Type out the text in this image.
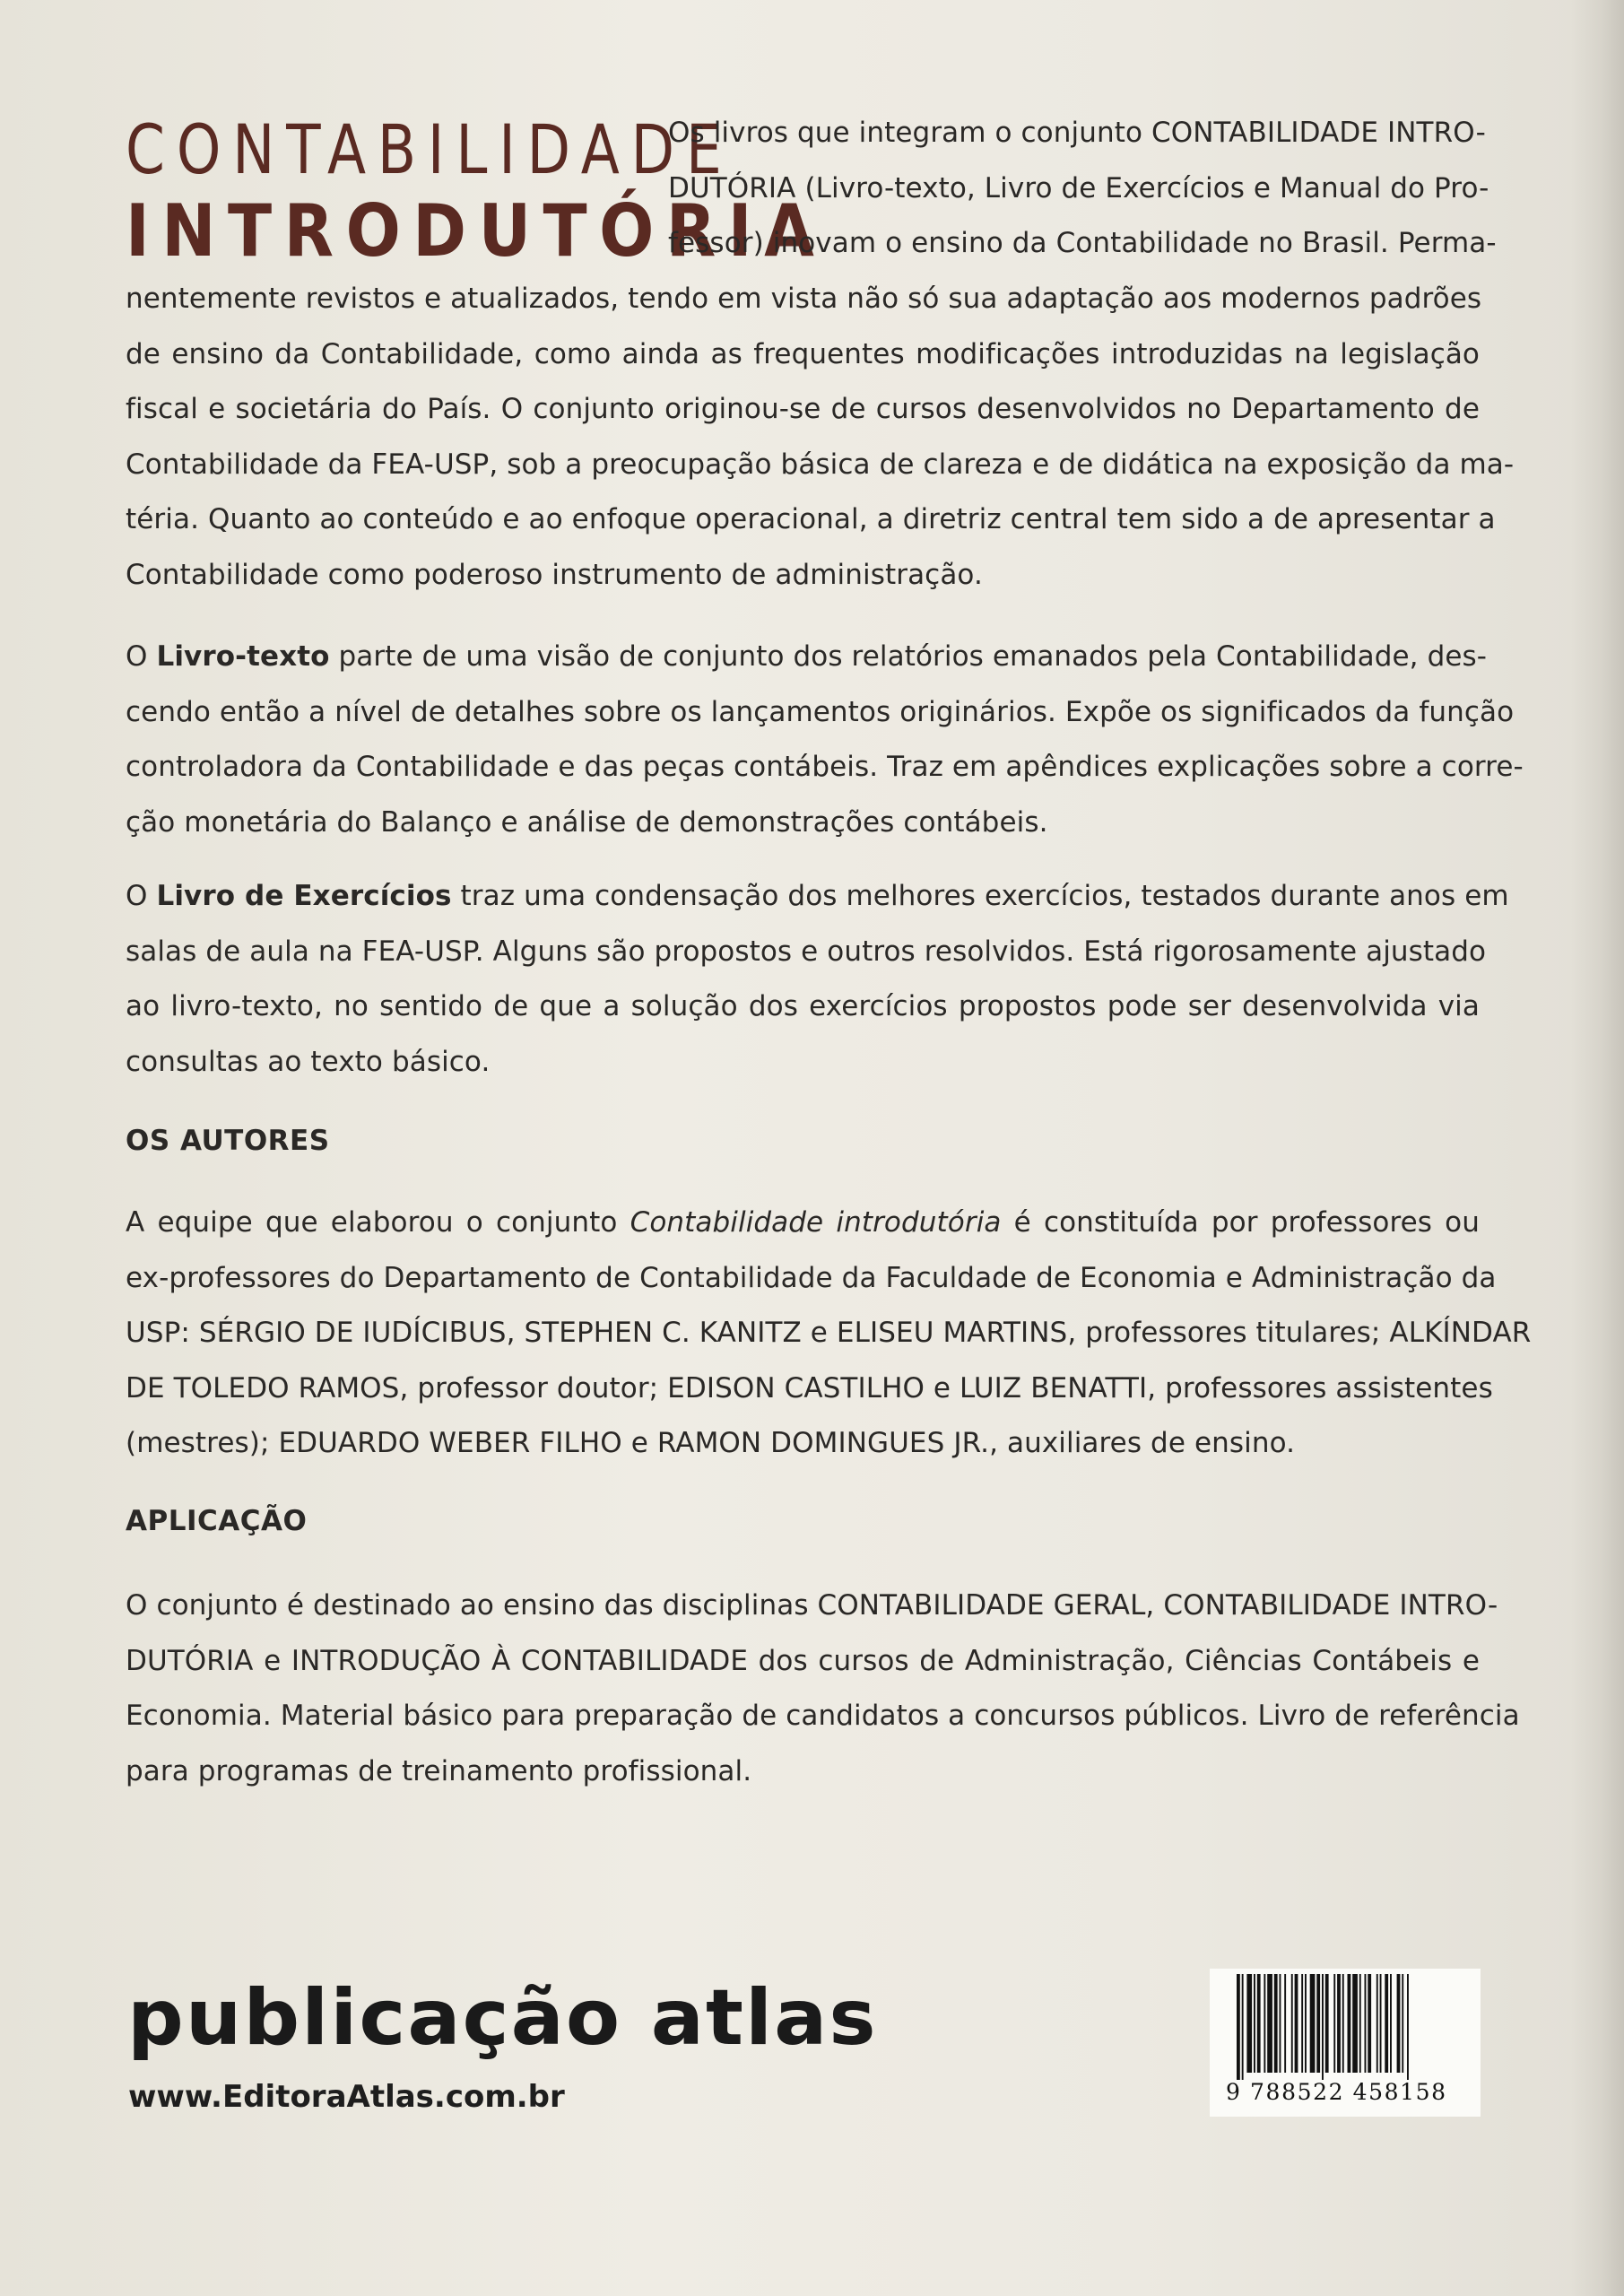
CONTABILIDADE
INTRODUTÓRIA
Os livros que integram o conjunto CONTABILIDADE INTRO-
DUTÓRIA (Livro-texto, Livro de Exercícios e Manual do Pro-
fessor) inovam o ensino da Contabilidade no Brasil. Perma-
nentemente revistos e atualizados, tendo em vista não só sua adaptação aos modernos padrões
de ensino da Contabilidade, como ainda as frequentes modificações introduzidas na legislação
fiscal e societária do País. O conjunto originou-se de cursos desenvolvidos no Departamento de
Contabilidade da FEA-USP, sob a preocupação básica de clareza e de didática na exposição da ma-
téria. Quanto ao conteúdo e ao enfoque operacional, a diretriz central tem sido a de apresentar a
Contabilidade como poderoso instrumento de administração.
O Livro-texto parte de uma visão de conjunto dos relatórios emanados pela Contabilidade, des-
cendo então a nível de detalhes sobre os lançamentos originários. Expõe os significados da função
controladora da Contabilidade e das peças contábeis. Traz em apêndices explicações sobre a corre-
ção monetária do Balanço e análise de demonstrações contábeis.
O Livro de Exercícios traz uma condensação dos melhores exercícios, testados durante anos em
salas de aula na FEA-USP. Alguns são propostos e outros resolvidos. Está rigorosamente ajustado
ao livro-texto, no sentido de que a solução dos exercícios propostos pode ser desenvolvida via
consultas ao texto básico.
OS AUTORES
A equipe que elaborou o conjunto Contabilidade introdutória é constituída por professores ou
ex-professores do Departamento de Contabilidade da Faculdade de Economia e Administração da
USP: SÉRGIO DE IUDÍCIBUS, STEPHEN C. KANITZ e ELISEU MARTINS, professores titulares; ALKÍNDAR
DE TOLEDO RAMOS, professor doutor; EDISON CASTILHO e LUIZ BENATTI, professores assistentes
(mestres); EDUARDO WEBER FILHO e RAMON DOMINGUES JR., auxiliares de ensino.
APLICAÇÃO
O conjunto é destinado ao ensino das disciplinas CONTABILIDADE GERAL, CONTABILIDADE INTRO-
DUTÓRIA e INTRODUÇÃO À CONTABILIDADE dos cursos de Administração, Ciências Contábeis e
Economia. Material básico para preparação de candidatos a concursos públicos. Livro de referência
para programas de treinamento profissional.
publicação atlas
www.EditoraAtlas.com.br	9 788522 458158
